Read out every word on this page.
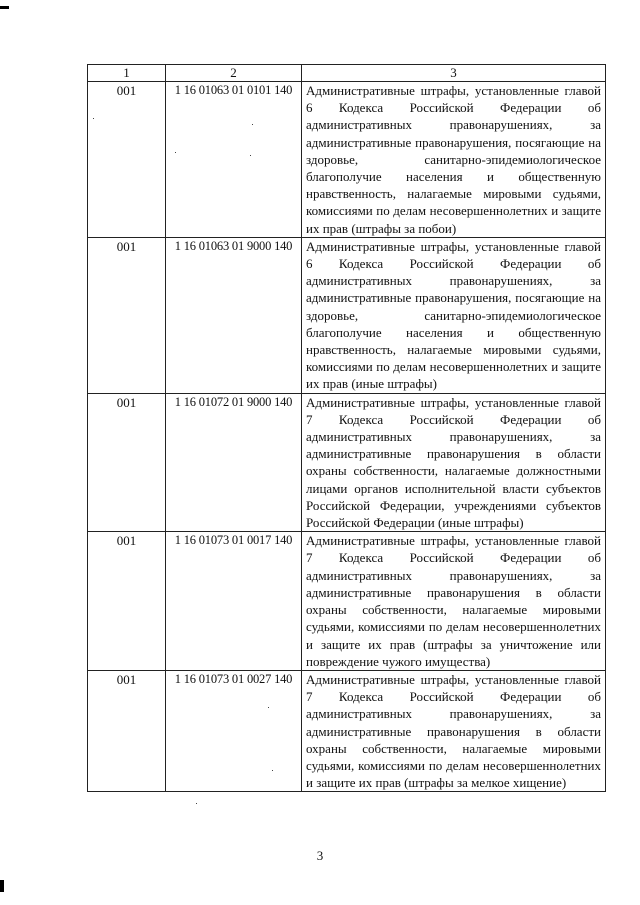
1	2	3
001	1 16 01063 01 0101 140	Административные штрафы, установленные главой 6 Кодекса Российской Федерации об административных правонарушениях, за административные правонарушения, посягающие на здоровье, санитарно-эпидемиологическое благополучие населения и общественную нравственность, налагаемые мировыми судьями, комиссиями по делам несовершеннолетних и защите их прав (штрафы за побои)
001	1 16 01063 01 9000 140	Административные штрафы, установленные главой 6 Кодекса Российской Федерации об административных правонарушениях, за административные правонарушения, посягающие на здоровье, санитарно-эпидемиологическое благополучие населения и общественную нравственность, налагаемые мировыми судьями, комиссиями по делам несовершеннолетних и защите их прав (иные штрафы)
001	1 16 01072 01 9000 140	Административные штрафы, установленные главой 7 Кодекса Российской Федерации об административных правонарушениях, за административные правонарушения в области охраны собственности, налагаемые должностными лицами органов исполнительной власти субъектов Российской Федерации, учреждениями субъектов Российской Федерации (иные штрафы)
001	1 16 01073 01 0017 140	Административные штрафы, установленные главой 7 Кодекса Российской Федерации об административных правонарушениях, за административные правонарушения в области охраны собственности, налагаемые мировыми судьями, комиссиями по делам несовершеннолетних и защите их прав (штрафы за уничтожение или повреждение чужого имущества)
001	1 16 01073 01 0027 140	Административные штрафы, установленные главой 7 Кодекса Российской Федерации об административных правонарушениях, за административные правонарушения в области охраны собственности, налагаемые мировыми судьями, комиссиями по делам несовершеннолетних и защите их прав (штрафы за мелкое хищение)
3
